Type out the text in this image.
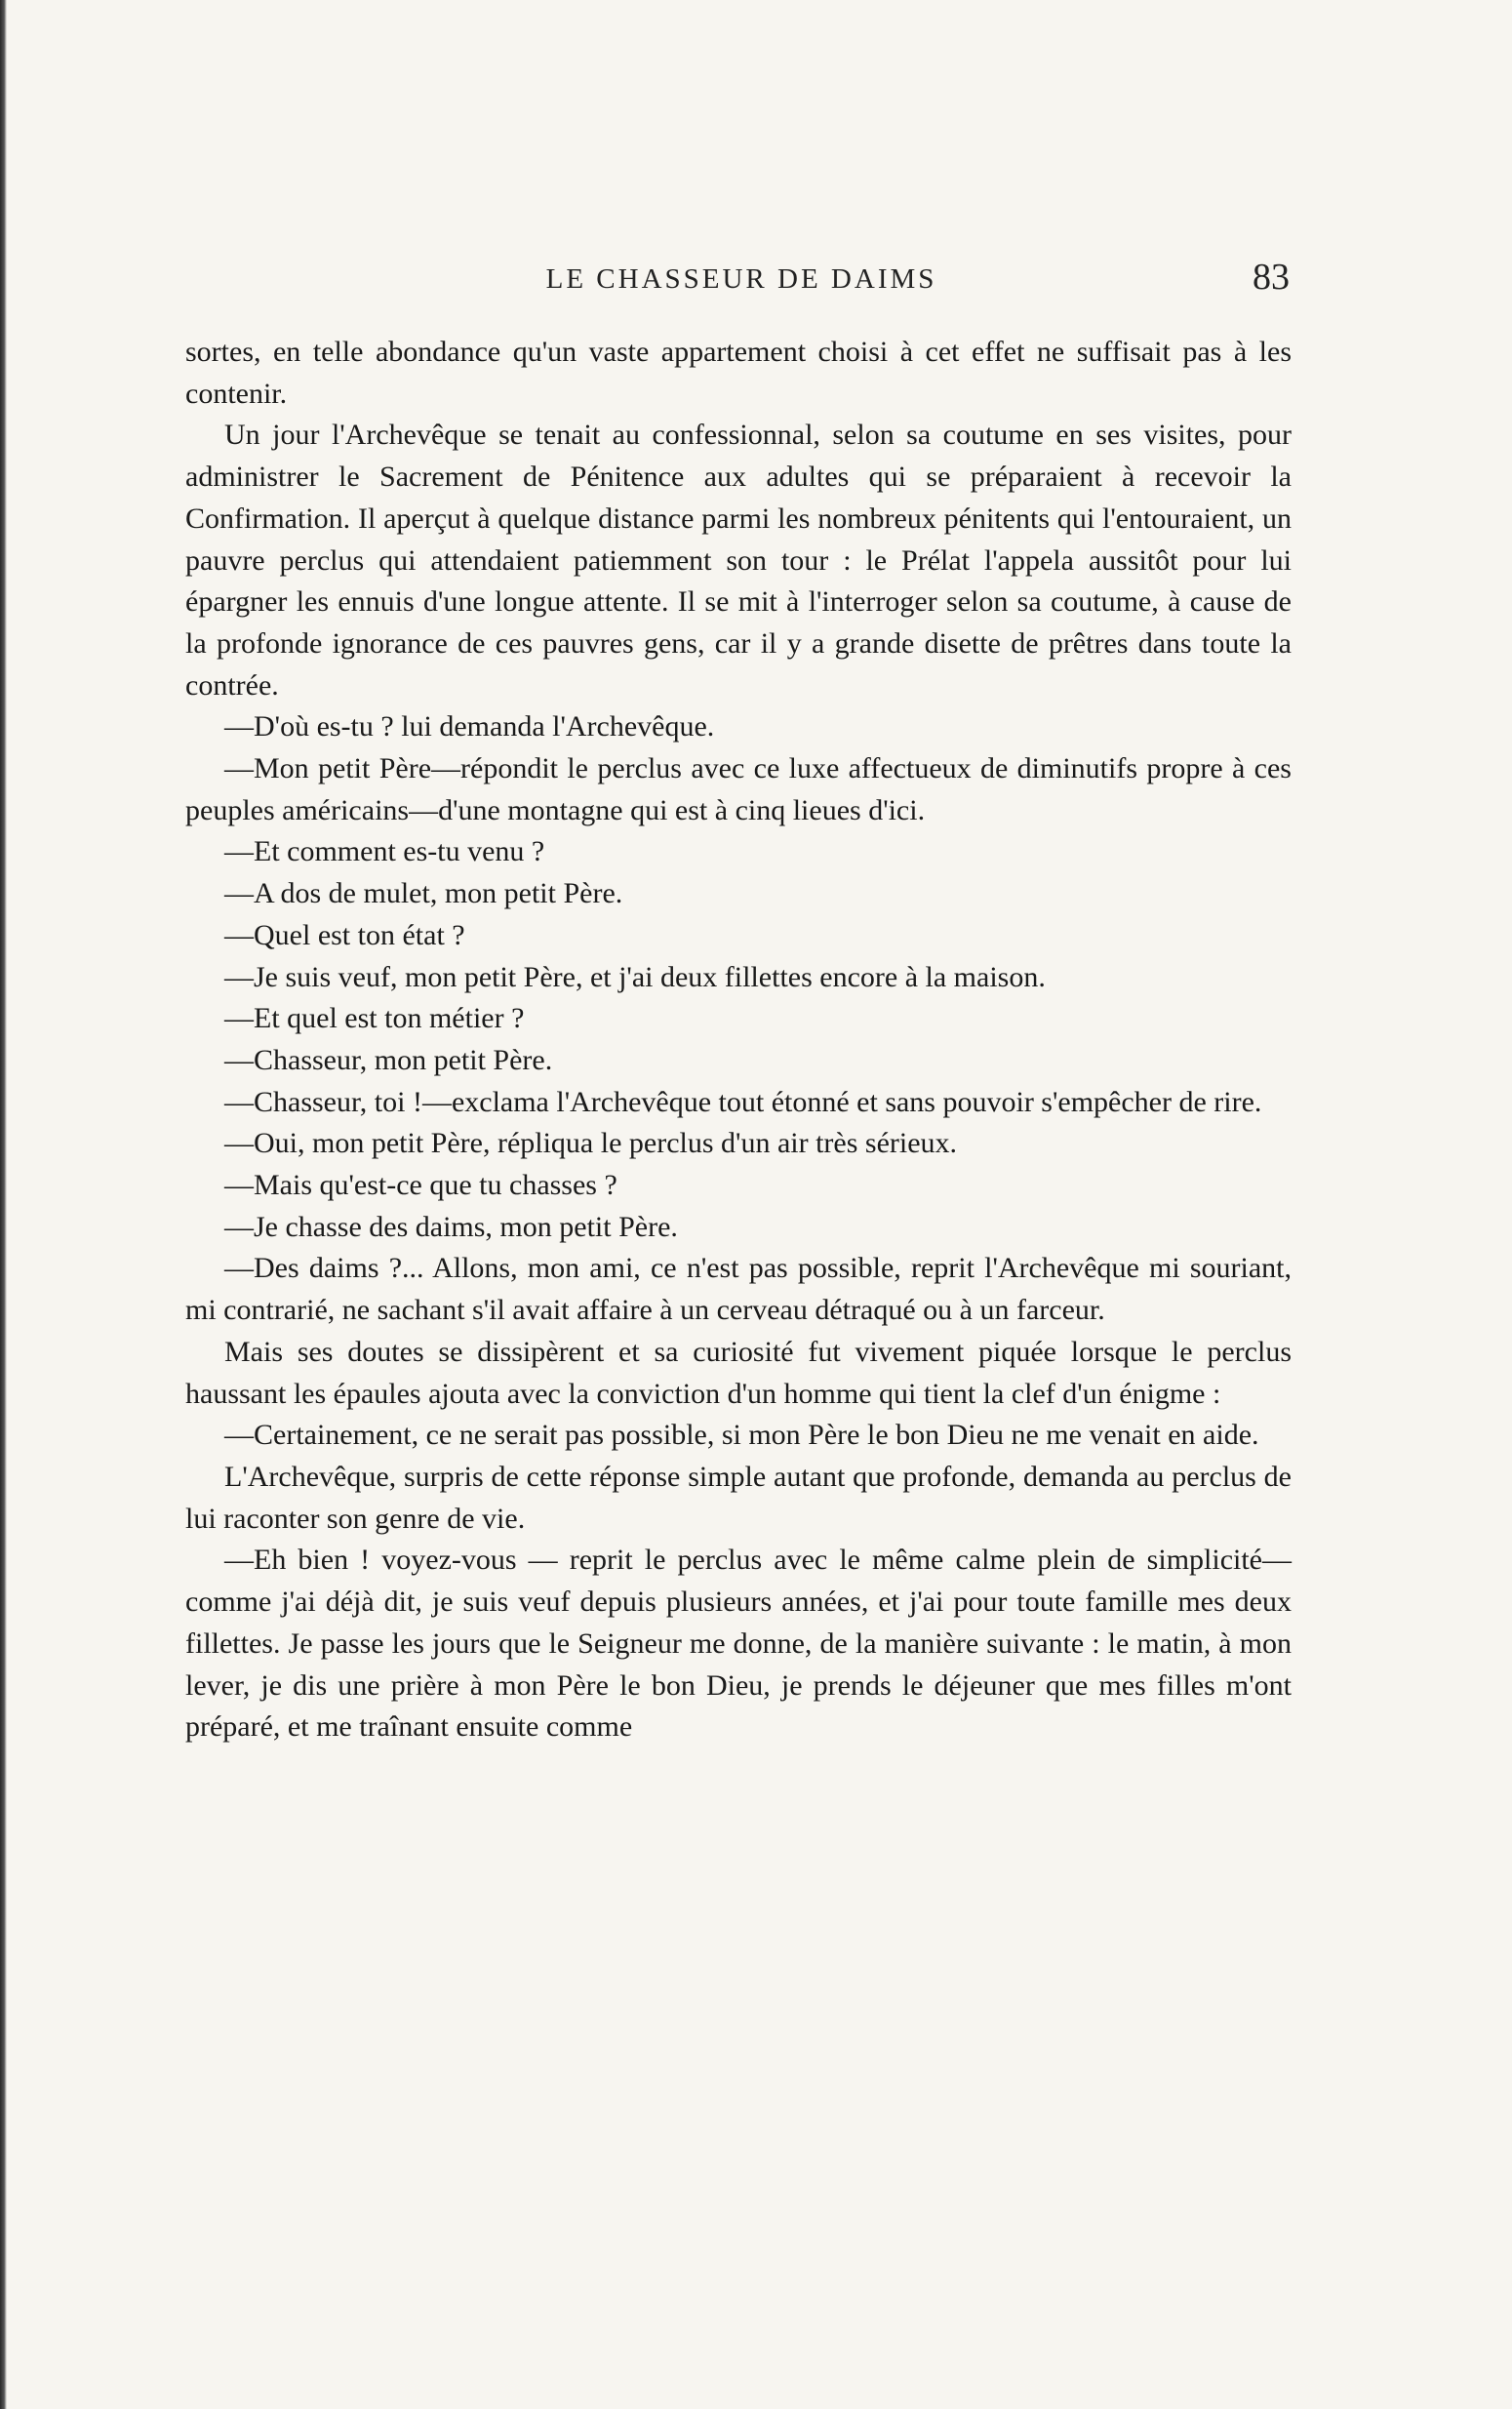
LE CHASSEUR DE DAIMS	83

sortes, en telle abondance qu'un vaste appartement choisi à cet effet ne suffisait pas à les contenir.

Un jour l'Archevêque se tenait au confessionnal, selon sa coutume en ses visites, pour administrer le Sacrement de Pénitence aux adultes qui se préparaient à recevoir la Confirmation. Il aperçut à quelque distance parmi les nombreux pénitents qui l'entouraient, un pauvre perclus qui attendaient patiemment son tour : le Prélat l'appela aussitôt pour lui épargner les ennuis d'une longue attente. Il se mit à l'interroger selon sa coutume, à cause de la profonde ignorance de ces pauvres gens, car il y a grande disette de prêtres dans toute la contrée.

—D'où es-tu ? lui demanda l'Archevêque.

—Mon petit Père—répondit le perclus avec ce luxe affectueux de diminutifs propre à ces peuples américains—d'une montagne qui est à cinq lieues d'ici.

—Et comment es-tu venu ?

—A dos de mulet, mon petit Père.

—Quel est ton état ?

—Je suis veuf, mon petit Père, et j'ai deux fillettes encore à la maison.

—Et quel est ton métier ?

—Chasseur, mon petit Père.

—Chasseur, toi !—exclama l'Archevêque tout étonné et sans pouvoir s'empêcher de rire.

—Oui, mon petit Père, répliqua le perclus d'un air très sérieux.

—Mais qu'est-ce que tu chasses ?

—Je chasse des daims, mon petit Père.

—Des daims ?... Allons, mon ami, ce n'est pas possible, reprit l'Archevêque mi souriant, mi contrarié, ne sachant s'il avait affaire à un cerveau détraqué ou à un farceur.

Mais ses doutes se dissipèrent et sa curiosité fut vivement piquée lorsque le perclus haussant les épaules ajouta avec la conviction d'un homme qui tient la clef d'un énigme :

—Certainement, ce ne serait pas possible, si mon Père le bon Dieu ne me venait en aide.

L'Archevêque, surpris de cette réponse simple autant que profonde, demanda au perclus de lui raconter son genre de vie.

—Eh bien ! voyez-vous — reprit le perclus avec le même calme plein de simplicité—comme j'ai déjà dit, je suis veuf depuis plusieurs années, et j'ai pour toute famille mes deux fillettes. Je passe les jours que le Seigneur me donne, de la manière suivante : le matin, à mon lever, je dis une prière à mon Père le bon Dieu, je prends le déjeuner que mes filles m'ont préparé, et me traînant ensuite comme
